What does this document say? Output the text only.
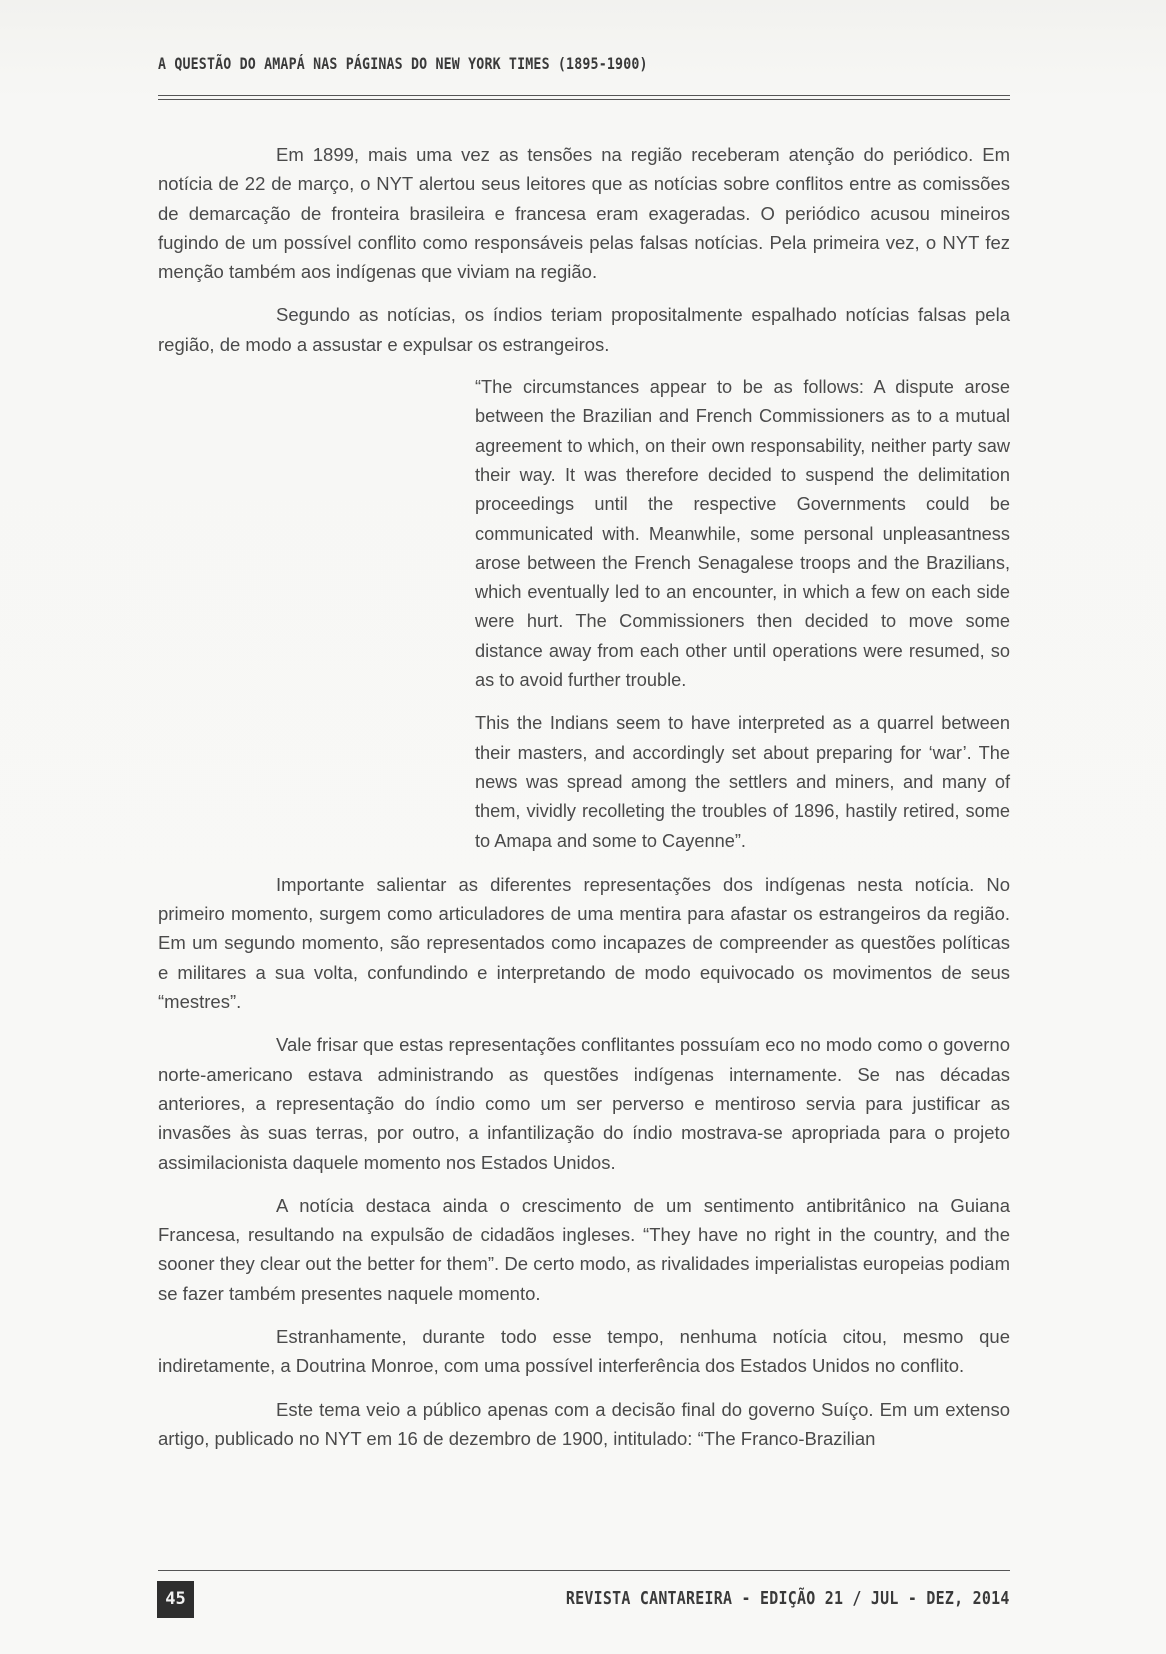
A QUESTÃO DO AMAPÁ NAS PÁGINAS DO NEW YORK TIMES (1895-1900)

Em 1899, mais uma vez as tensões na região receberam atenção do periódico. Em notícia de 22 de março, o NYT alertou seus leitores que as notícias sobre conflitos entre as comissões de demarcação de fronteira brasileira e francesa eram exageradas. O periódico acusou mineiros fugindo de um possível conflito como responsáveis pelas falsas notícias. Pela primeira vez, o NYT fez menção também aos indígenas que viviam na região.

Segundo as notícias, os índios teriam propositalmente espalhado notícias falsas pela região, de modo a assustar e expulsar os estrangeiros.

“The circumstances appear to be as follows: A dispute arose between the Brazilian and French Commissioners as to a mutual agreement to which, on their own responsability, neither party saw their way. It was therefore decided to suspend the delimitation proceedings until the respective Governments could be communicated with. Meanwhile, some personal unpleasantness arose between the French Senagalese troops and the Brazilians, which eventually led to an encounter, in which a few on each side were hurt. The Commissioners then decided to move some distance away from each other until operations were resumed, so as to avoid further trouble.

This the Indians seem to have interpreted as a quarrel between their masters, and accordingly set about preparing for ‘war’. The news was spread among the settlers and miners, and many of them, vividly recolleting the troubles of 1896, hastily retired, some to Amapa and some to Cayenne”.

Importante salientar as diferentes representações dos indígenas nesta notícia. No primeiro momento, surgem como articuladores de uma mentira para afastar os estrangeiros da região. Em um segundo momento, são representados como incapazes de compreender as questões políticas e militares a sua volta, confundindo e interpretando de modo equivocado os movimentos de seus “mestres”.

Vale frisar que estas representações conflitantes possuíam eco no modo como o governo norte-americano estava administrando as questões indígenas internamente. Se nas décadas anteriores, a representação do índio como um ser perverso e mentiroso servia para justificar as invasões às suas terras, por outro, a infantilização do índio mostrava-se apropriada para o projeto assimilacionista daquele momento nos Estados Unidos.

A notícia destaca ainda o crescimento de um sentimento antibritânico na Guiana Francesa, resultando na expulsão de cidadãos ingleses. “They have no right in the country, and the sooner they clear out the better for them”. De certo modo, as rivalidades imperialistas europeias podiam se fazer também presentes naquele momento.

Estranhamente, durante todo esse tempo, nenhuma notícia citou, mesmo que indiretamente, a Doutrina Monroe, com uma possível interferência dos Estados Unidos no conflito.

Este tema veio a público apenas com a decisão final do governo Suíço. Em um extenso artigo, publicado no NYT em 16 de dezembro de 1900, intitulado: “The Franco-Brazilian

45	REVISTA CANTAREIRA - EDIÇÃO 21 / JUL - DEZ, 2014
